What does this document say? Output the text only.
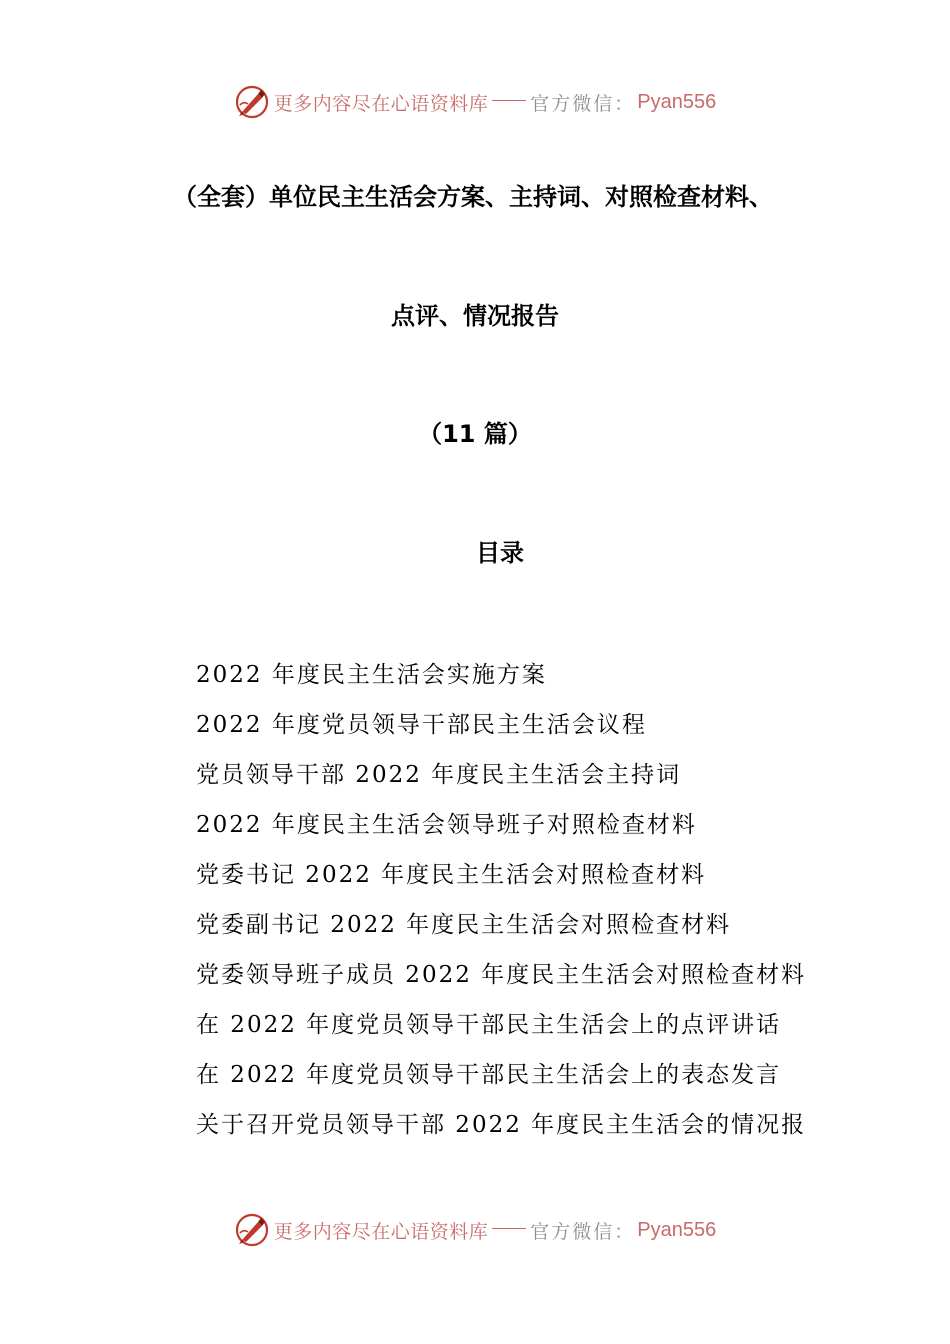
更多内容尽在心语资料库 官方微信： Pyan556
（全套）单位民主生活会方案、主持词、对照检查材料、
点评、情况报告
（11 篇）
目录
2022 年度民主生活会实施方案
2022 年度党员领导干部民主生活会议程
党员领导干部 2022 年度民主生活会主持词
2022 年度民主生活会领导班子对照检查材料
党委书记 2022 年度民主生活会对照检查材料
党委副书记 2022 年度民主生活会对照检查材料
党委领导班子成员 2022 年度民主生活会对照检查材料
在 2022 年度党员领导干部民主生活会上的点评讲话
在 2022 年度党员领导干部民主生活会上的表态发言
关于召开党员领导干部 2022 年度民主生活会的情况报
更多内容尽在心语资料库 官方微信： Pyan556
